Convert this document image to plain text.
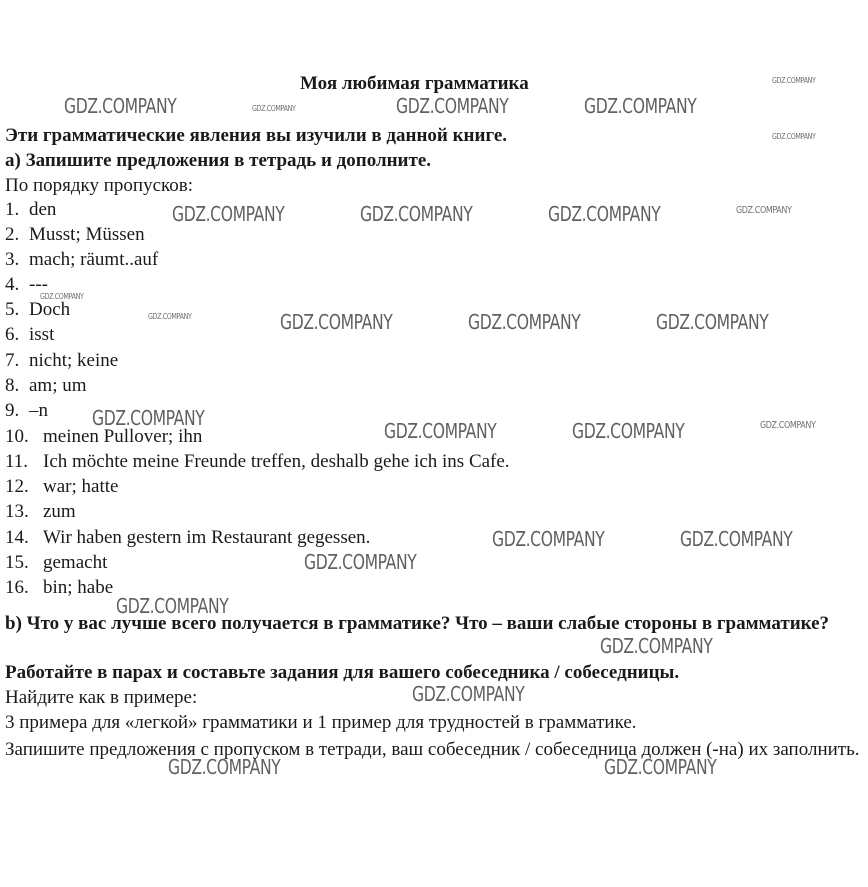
Моя любимая грамматика
Эти грамматические явления вы изучили в данной книге.
а) Запишите предложения в тетрадь и дополните.
По порядку пропусков:
1. den
2. Musst; Müssen
3. mach; räumt..auf
4. ---
5. Doch
6. isst
7. nicht; keine
8. am; um
9. –n
10. meinen Pullover; ihn
11. Ich möchte meine Freunde treffen, deshalb gehe ich ins Cafe.
12. war; hatte
13. zum
14. Wir haben gestern im Restaurant gegessen.
15. gemacht
16. bin; habe
b) Что у вас лучше всего получается в грамматике? Что – ваши слабые стороны в грамматике?
Работайте в парах и составьте задания для вашего собеседника / собеседницы.
Найдите как в примере:
3 примера для «легкой» грамматики и 1 пример для трудностей в грамматике.
Запишите предложения с пропуском в тетради, ваш собеседник / собеседница должен (-на) их заполнить.
GDZ.COMPANY
GDZ.COMPANY	GDZ.COMPANY	GDZ.COMPANY	GDZ.COMPANY
GDZ.COMPANY
GDZ.COMPANY	GDZ.COMPANY	GDZ.COMPANY	GDZ.COMPANY
GDZ.COMPANY
GDZ.COMPANY	GDZ.COMPANY	GDZ.COMPANY	GDZ.COMPANY
GDZ.COMPANY
GDZ.COMPANY	GDZ.COMPANY	GDZ.COMPANY
GDZ.COMPANY	GDZ.COMPANY
GDZ.COMPANY
GDZ.COMPANY
GDZ.COMPANY
GDZ.COMPANY
GDZ.COMPANY	GDZ.COMPANY
